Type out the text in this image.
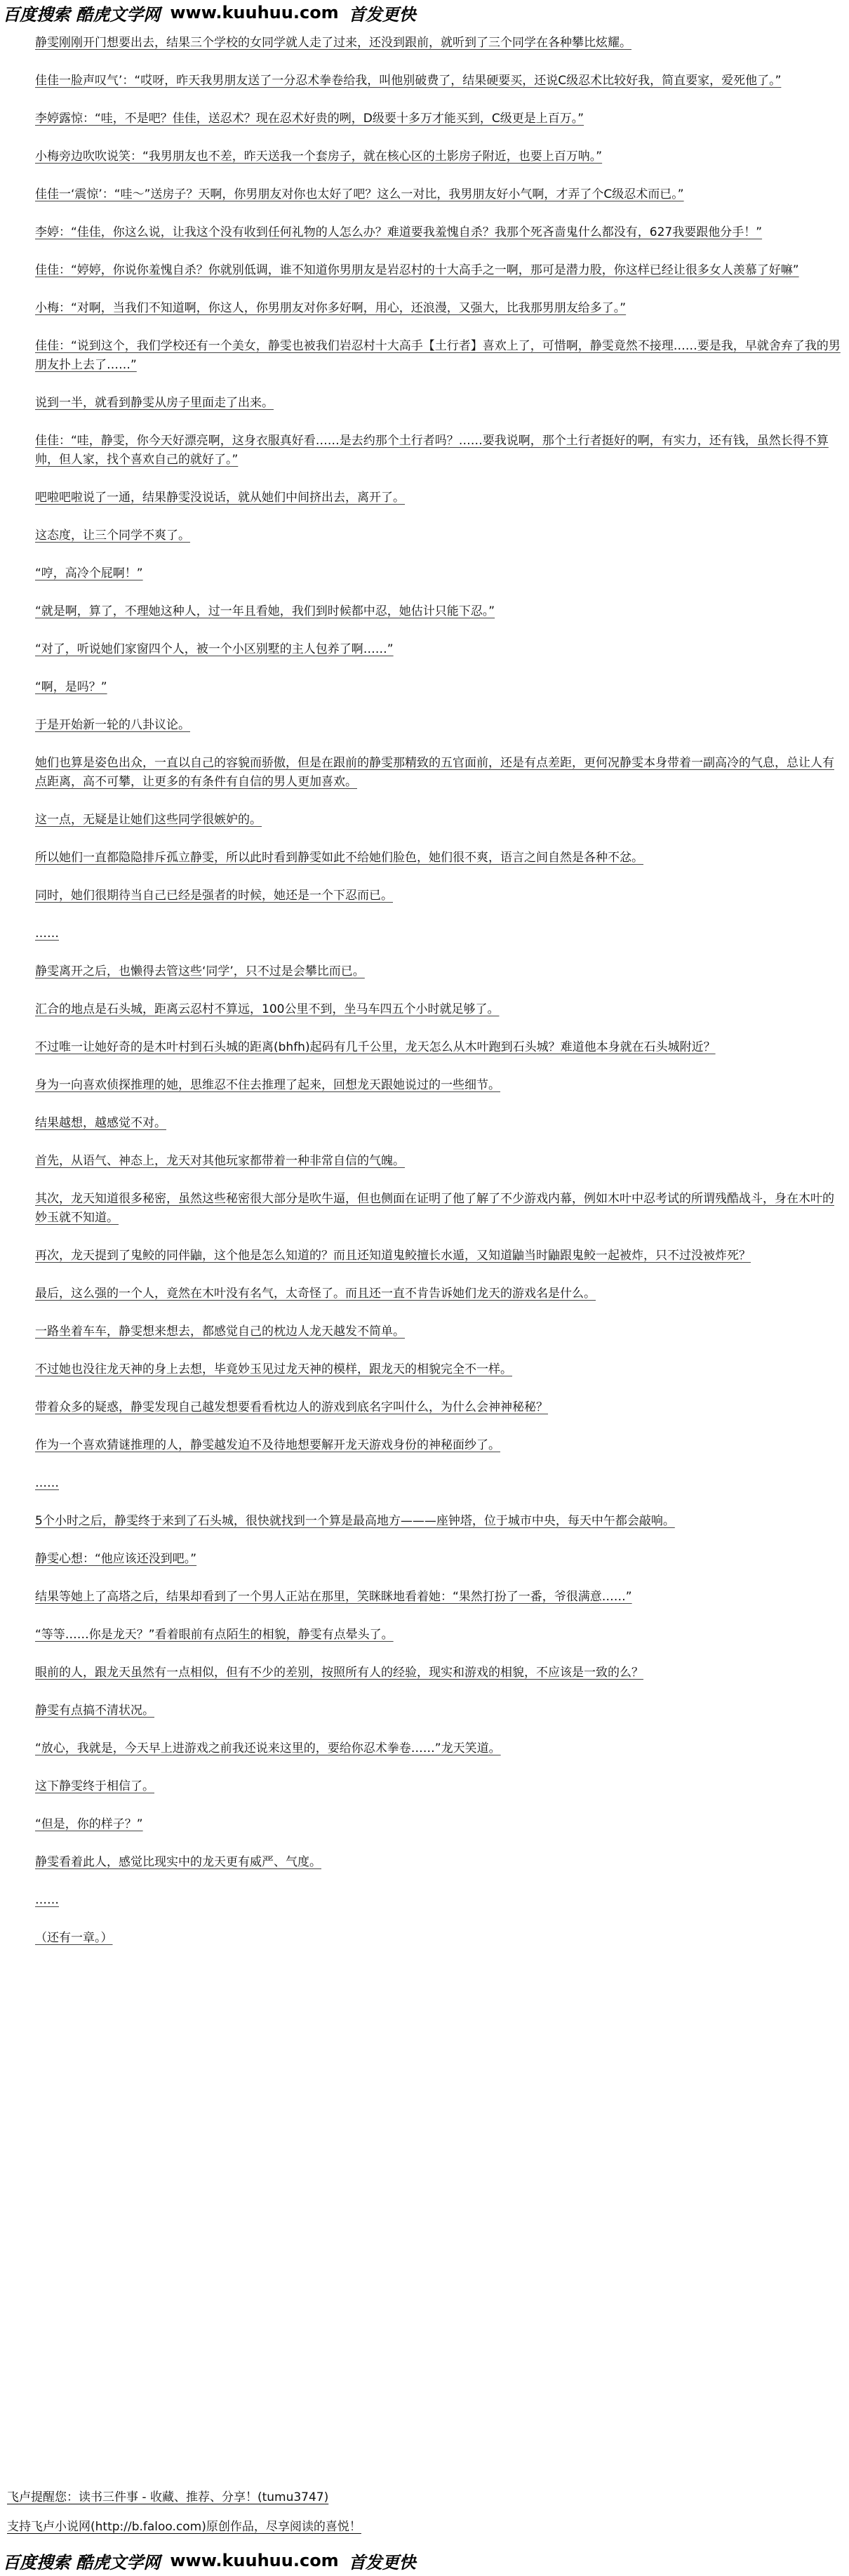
百度搜索 酷虎文学网 www.kuuhuu.com 首发更快

静雯刚刚开门想要出去，结果三个学校的女同学就人走了过来，还没到跟前，就听到了三个同学在各种攀比炫耀。

佳佳一脸声叹气’：“哎呀，昨天我男朋友送了一分忍术拳卷给我，叫他别破费了，结果硬要买，还说C级忍术比较好我，简直要家，爱死他了。”

李婷露惊：“哇，不是吧？佳佳，送忍术？现在忍术好贵的咧，D级要十多万才能买到，C级更是上百万。”

小梅旁边吹吹说笑：“我男朋友也不差，昨天送我一个套房子，就在核心区的土影房子附近，也要上百万呐。”

佳佳一‘震惊’：“哇～”送房子？天啊，你男朋友对你也太好了吧？这么一对比，我男朋友好小气啊，才弄了个C级忍术而已。”

李婷：“佳佳，你这么说，让我这个没有收到任何礼物的人怎么办？难道要我羞愧自杀？我那个死吝啬鬼什么都没有，627我要跟他分手！”

佳佳：“婷婷，你说你羞愧自杀？你就别低调，谁不知道你男朋友是岩忍村的十大高手之一啊，那可是潜力股，你这样已经让很多女人羡慕了好嘛”

小梅：“对啊，当我们不知道啊，你这人，你男朋友对你多好啊，用心，还浪漫，又强大，比我那男朋友给多了。”

佳佳：“说到这个，我们学校还有一个美女，静雯也被我们岩忍村十大高手【土行者】喜欢上了，可惜啊，静雯竟然不接理……要是我，早就舍弃了我的男朋友扑上去了……”

说到一半，就看到静雯从房子里面走了出来。

佳佳：“哇，静雯，你今天好漂亮啊，这身衣服真好看……是去约那个土行者吗？……要我说啊，那个土行者挺好的啊，有实力，还有钱，虽然长得不算帅，但人家，找个喜欢自己的就好了。”

吧啦吧啦说了一通，结果静雯没说话，就从她们中间挤出去，离开了。

这态度，让三个同学不爽了。

“哼，高冷个屁啊！”

“就是啊，算了，不理她这种人，过一年且看她，我们到时候都中忍，她估计只能下忍。”

“对了，听说她们家窗四个人，被一个小区别墅的主人包养了啊……”

“啊，是吗？”

于是开始新一轮的八卦议论。

她们也算是姿色出众，一直以自己的容貌而骄傲，但是在跟前的静雯那精致的五官面前，还是有点差距，更何况静雯本身带着一副高冷的气息，总让人有点距离，高不可攀，让更多的有条件有自信的男人更加喜欢。

这一点，无疑是让她们这些同学很嫉妒的。

所以她们一直都隐隐排斥孤立静雯，所以此时看到静雯如此不给她们脸色，她们很不爽，语言之间自然是各种不忿。

同时，她们很期待当自己已经是强者的时候，她还是一个下忍而已。

……

静雯离开之后，也懒得去管这些‘同学’，只不过是会攀比而已。

汇合的地点是石头城，距离云忍村不算远，100公里不到，坐马车四五个小时就足够了。

不过唯一让她好奇的是木叶村到石头城的距离(bhfh)起码有几千公里，龙天怎么从木叶跑到石头城？难道他本身就在石头城附近？

身为一向喜欢侦探推理的她，思维忍不住去推理了起来，回想龙天跟她说过的一些细节。

结果越想，越感觉不对。

首先，从语气、神态上，龙天对其他玩家都带着一种非常自信的气魄。

其次，龙天知道很多秘密，虽然这些秘密很大部分是吹牛逼，但也侧面在证明了他了解了不少游戏内幕，例如木叶中忍考试的所谓残酷战斗，身在木叶的妙玉就不知道。

再次，龙天提到了鬼鲛的同伴鼬，这个他是怎么知道的？而且还知道鬼鲛擅长水遁，又知道鼬当时鼬跟鬼鲛一起被炸，只不过没被炸死？

最后，这么强的一个人，竟然在木叶没有名气，太奇怪了。而且还一直不肯告诉她们龙天的游戏名是什么。

一路坐着车车，静雯想来想去，都感觉自己的枕边人龙天越发不简单。

不过她也没往龙天神的身上去想，毕竟妙玉见过龙天神的模样，跟龙天的相貌完全不一样。

带着众多的疑惑，静雯发现自己越发想要看看枕边人的游戏到底名字叫什么，为什么会神神秘秘？

作为一个喜欢猜谜推理的人，静雯越发迫不及待地想要解开龙天游戏身份的神秘面纱了。

……

5个小时之后，静雯终于来到了石头城，很快就找到一个算是最高地方———座钟塔，位于城市中央，每天中午都会敲响。

静雯心想：“他应该还没到吧。”

结果等她上了高塔之后，结果却看到了一个男人正站在那里，笑眯眯地看着她：“果然打扮了一番，爷很满意……”

“等等……你是龙天？”看着眼前有点陌生的相貌，静雯有点晕头了。

眼前的人，跟龙天虽然有一点相似，但有不少的差别，按照所有人的经验，现实和游戏的相貌，不应该是一致的么？

静雯有点搞不清状况。

“放心，我就是，今天早上进游戏之前我还说来这里的，要给你忍术拳卷……”龙天笑道。

这下静雯终于相信了。

“但是，你的样子？”

静雯看着此人，感觉比现实中的龙天更有威严、气度。

……

（还有一章。）

飞卢提醒您：读书三件事 - 收藏、推荐、分享！(tumu3747)
支持飞卢小说网(http://b.faloo.com)原创作品，尽享阅读的喜悦！
百度搜索 酷虎文学网 www.kuuhuu.com 首发更快
